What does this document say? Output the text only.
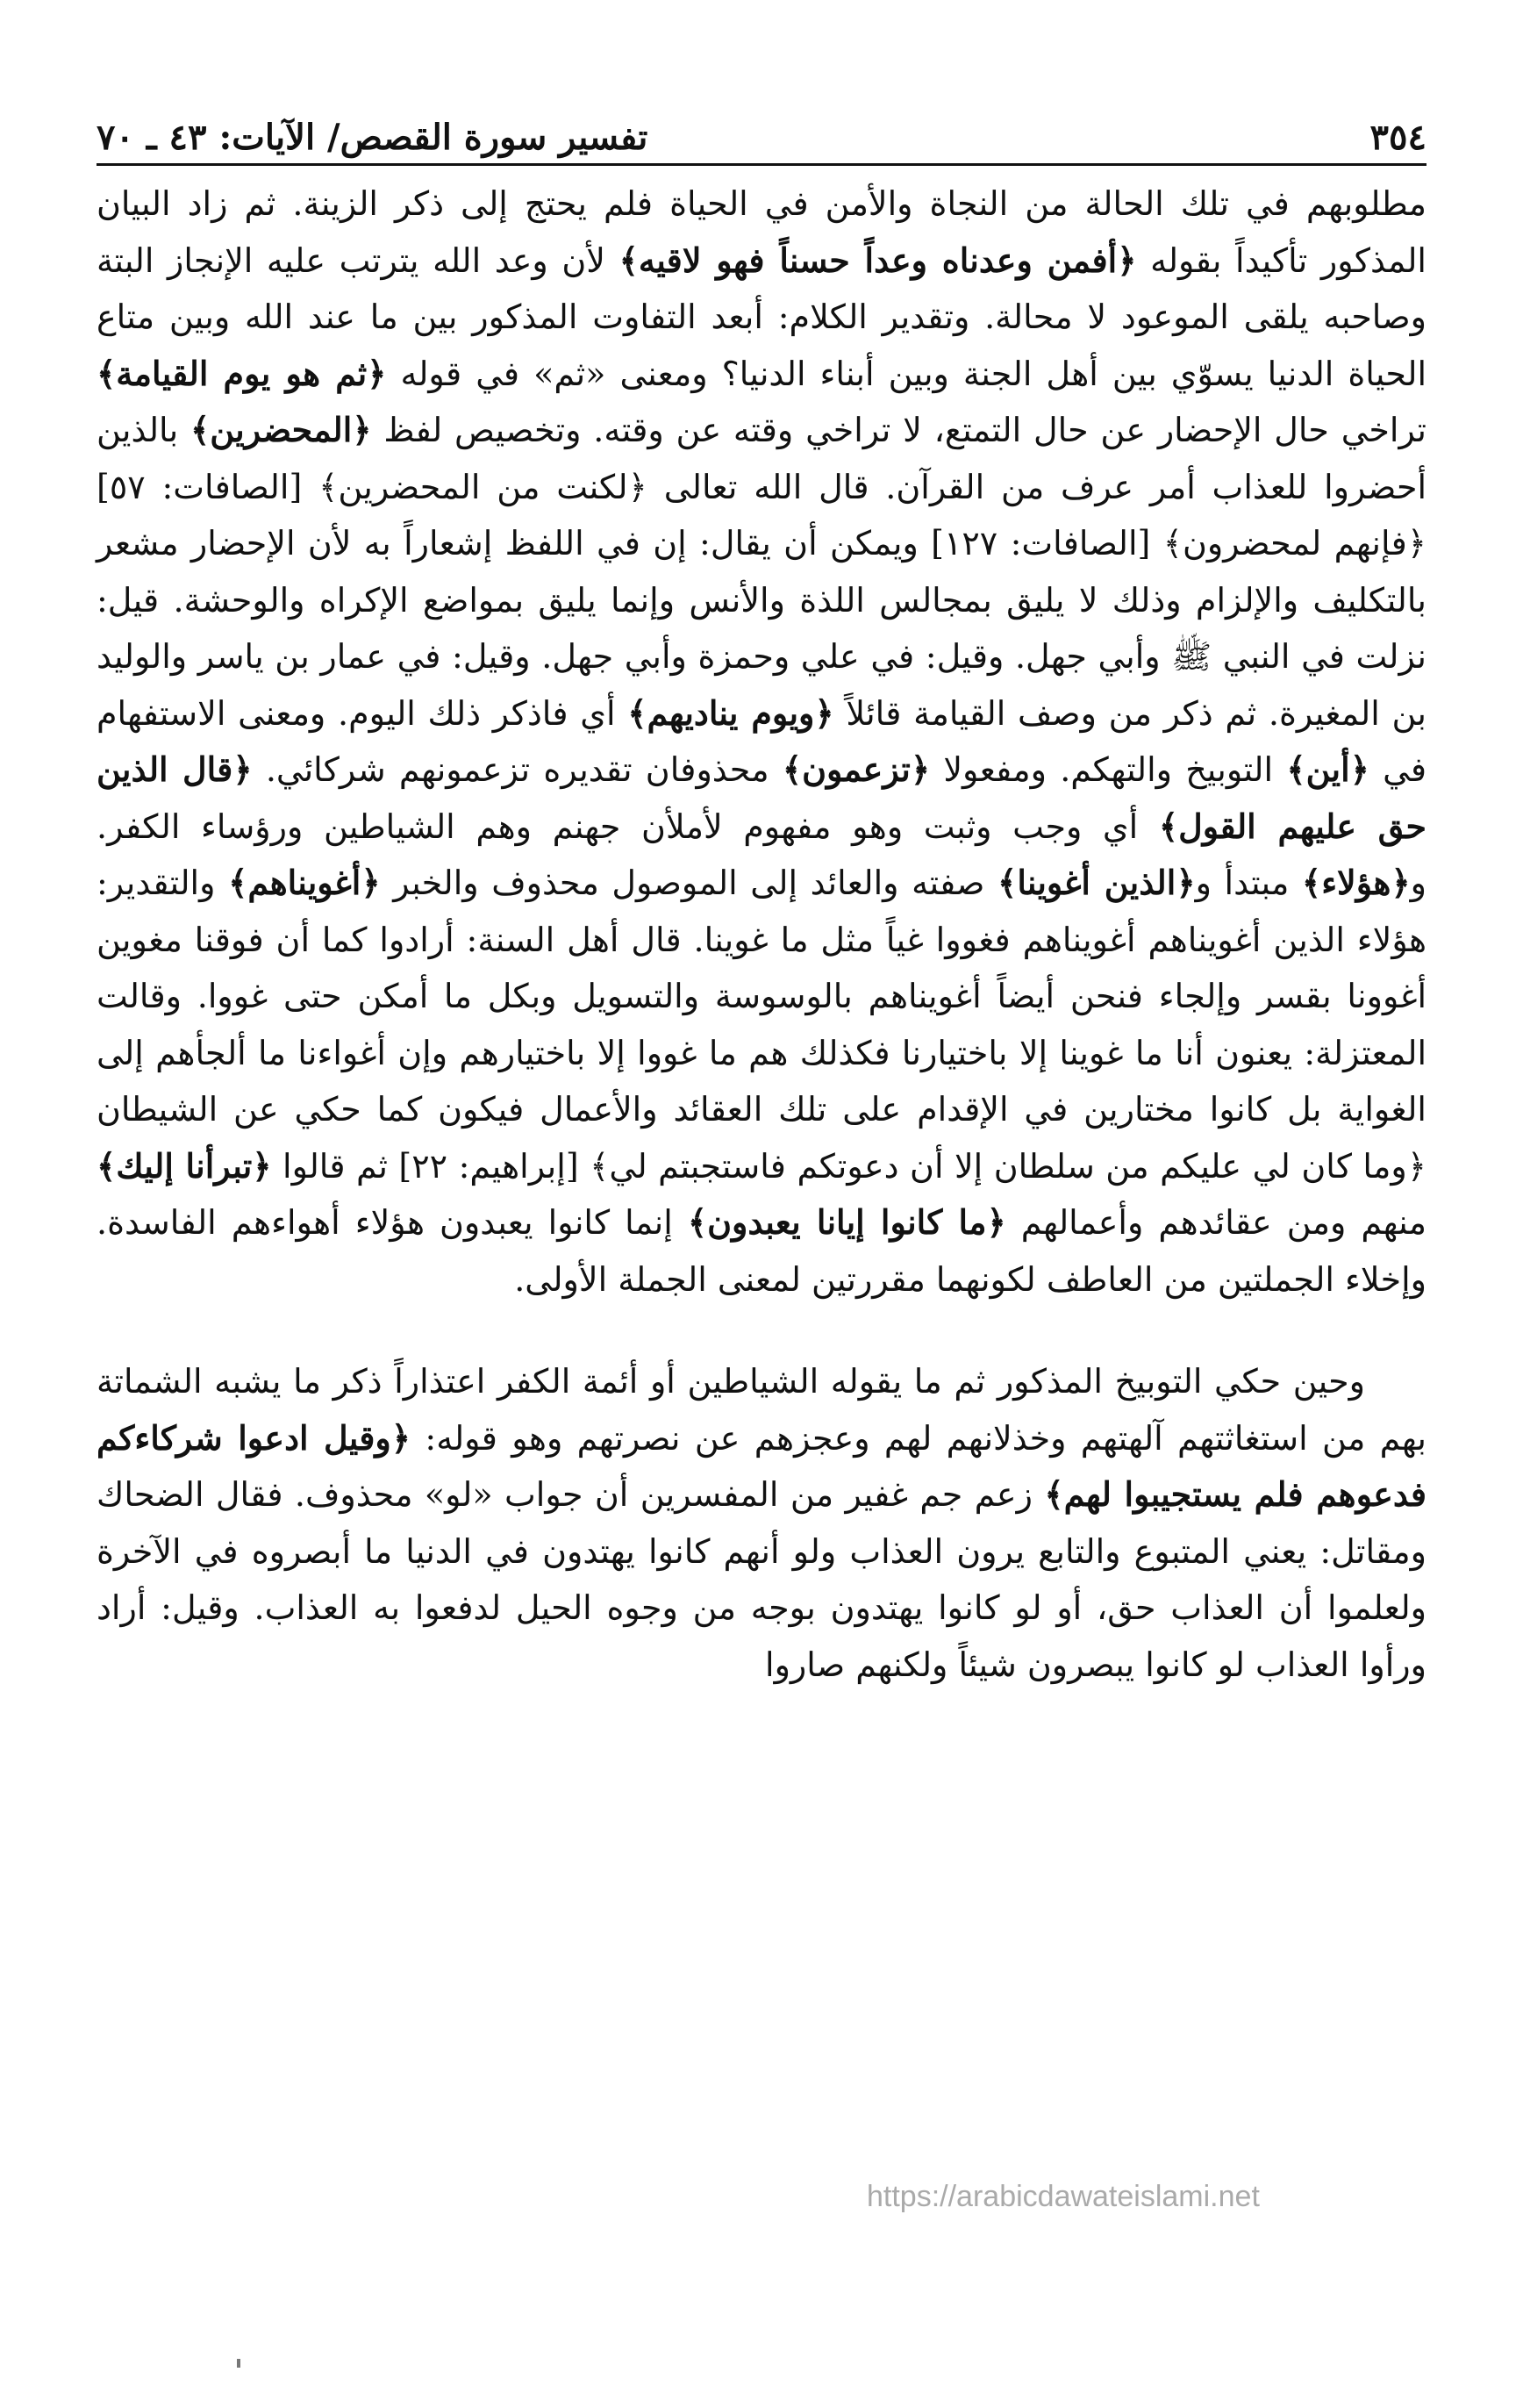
٣٥٤
تفسير سورة القصص/ الآيات: ٤٣ ـ ٧٠

مطلوبهم في تلك الحالة من النجاة والأمن في الحياة فلم يحتج إلى ذكر الزينة. ثم زاد البيان المذكور تأكيداً بقوله ﴿أفمن وعدناه وعداً حسناً فهو لاقيه﴾ لأن وعد الله يترتب عليه الإنجاز البتة وصاحبه يلقى الموعود لا محالة. وتقدير الكلام: أبعد التفاوت المذكور بين ما عند الله وبين متاع الحياة الدنيا يسوّي بين أهل الجنة وبين أبناء الدنيا؟ ومعنى «ثم» في قوله ﴿ثم هو يوم القيامة﴾ تراخي حال الإحضار عن حال التمتع، لا تراخي وقته عن وقته. وتخصيص لفظ ﴿المحضرين﴾ بالذين أحضروا للعذاب أمر عرف من القرآن. قال الله تعالى ﴿لكنت من المحضرين﴾ [الصافات: ٥٧] ﴿فإنهم لمحضرون﴾ [الصافات: ١٢٧] ويمكن أن يقال: إن في اللفظ إشعاراً به لأن الإحضار مشعر بالتكليف والإلزام وذلك لا يليق بمجالس اللذة والأنس وإنما يليق بمواضع الإكراه والوحشة. قيل: نزلت في النبي ﷺ وأبي جهل. وقيل: في علي وحمزة وأبي جهل. وقيل: في عمار بن ياسر والوليد بن المغيرة. ثم ذكر من وصف القيامة قائلاً ﴿ويوم يناديهم﴾ أي فاذكر ذلك اليوم. ومعنى الاستفهام في ﴿أين﴾ التوبيخ والتهكم. ومفعولا ﴿تزعمون﴾ محذوفان تقديره تزعمونهم شركائي. ﴿قال الذين حق عليهم القول﴾ أي وجب وثبت وهو مفهوم لأملأن جهنم وهم الشياطين ورؤساء الكفر. و﴿هؤلاء﴾ مبتدأ و﴿الذين أغوينا﴾ صفته والعائد إلى الموصول محذوف والخبر ﴿أغويناهم﴾ والتقدير: هؤلاء الذين أغويناهم أغويناهم فغووا غياً مثل ما غوينا. قال أهل السنة: أرادوا كما أن فوقنا مغوين أغوونا بقسر وإلجاء فنحن أيضاً أغويناهم بالوسوسة والتسويل وبكل ما أمكن حتى غووا. وقالت المعتزلة: يعنون أنا ما غوينا إلا باختيارنا فكذلك هم ما غووا إلا باختيارهم وإن أغواءنا ما ألجأهم إلى الغواية بل كانوا مختارين في الإقدام على تلك العقائد والأعمال فيكون كما حكي عن الشيطان ﴿وما كان لي عليكم من سلطان إلا أن دعوتكم فاستجبتم لي﴾ [إبراهيم: ٢٢] ثم قالوا ﴿تبرأنا إليك﴾ منهم ومن عقائدهم وأعمالهم ﴿ما كانوا إيانا يعبدون﴾ إنما كانوا يعبدون هؤلاء أهواءهم الفاسدة. وإخلاء الجملتين من العاطف لكونهما مقررتين لمعنى الجملة الأولى.

وحين حكي التوبيخ المذكور ثم ما يقوله الشياطين أو أئمة الكفر اعتذاراً ذكر ما يشبه الشماتة بهم من استغاثتهم آلهتهم وخذلانهم لهم وعجزهم عن نصرتهم وهو قوله: ﴿وقيل ادعوا شركاءكم فدعوهم فلم يستجيبوا لهم﴾ زعم جم غفير من المفسرين أن جواب «لو» محذوف. فقال الضحاك ومقاتل: يعني المتبوع والتابع يرون العذاب ولو أنهم كانوا يهتدون في الدنيا ما أبصروه في الآخرة ولعلموا أن العذاب حق، أو لو كانوا يهتدون بوجه من وجوه الحيل لدفعوا به العذاب. وقيل: أراد ورأوا العذاب لو كانوا يبصرون شيئاً ولكنهم صاروا

https://arabicdawateislami.net
